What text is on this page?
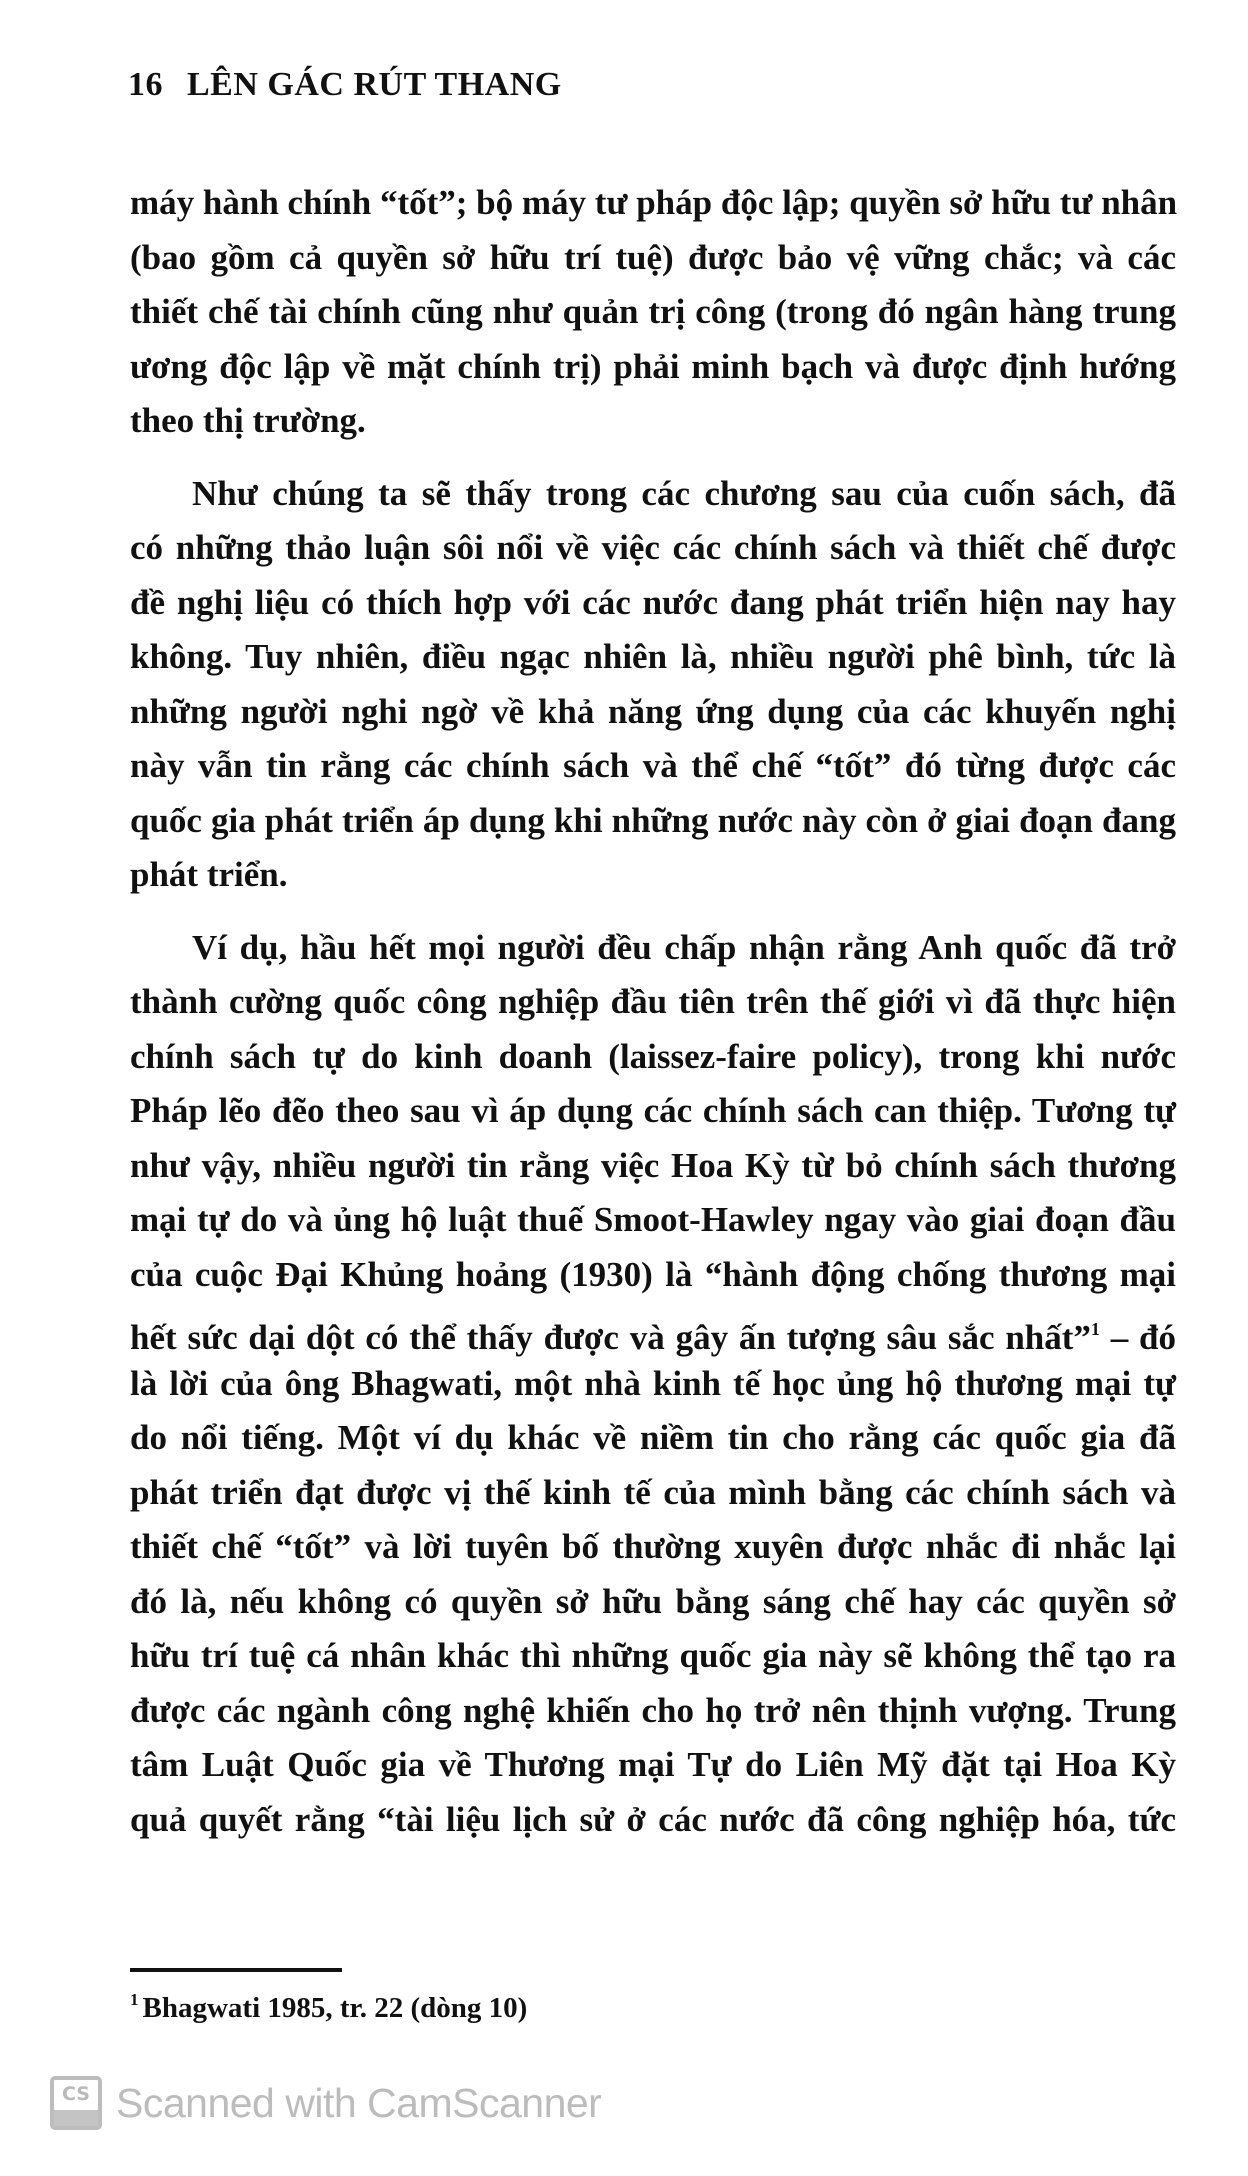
16 LÊN GÁC RÚT THANG
máy hành chính “tốt”; bộ máy tư pháp độc lập; quyền sở hữu tư nhân
(bao gồm cả quyền sở hữu trí tuệ) được bảo vệ vững chắc; và các
thiết chế tài chính cũng như quản trị công (trong đó ngân hàng trung
ương độc lập về mặt chính trị) phải minh bạch và được định hướng
theo thị trường.
Như chúng ta sẽ thấy trong các chương sau của cuốn sách, đã
có những thảo luận sôi nổi về việc các chính sách và thiết chế được
đề nghị liệu có thích hợp với các nước đang phát triển hiện nay hay
không. Tuy nhiên, điều ngạc nhiên là, nhiều người phê bình, tức là
những người nghi ngờ về khả năng ứng dụng của các khuyến nghị
này vẫn tin rằng các chính sách và thể chế “tốt” đó từng được các
quốc gia phát triển áp dụng khi những nước này còn ở giai đoạn đang
phát triển.
Ví dụ, hầu hết mọi người đều chấp nhận rằng Anh quốc đã trở
thành cường quốc công nghiệp đầu tiên trên thế giới vì đã thực hiện
chính sách tự do kinh doanh (laissez-faire policy), trong khi nước
Pháp lẽo đẽo theo sau vì áp dụng các chính sách can thiệp. Tương tự
như vậy, nhiều người tin rằng việc Hoa Kỳ từ bỏ chính sách thương
mại tự do và ủng hộ luật thuế Smoot-Hawley ngay vào giai đoạn đầu
của cuộc Đại Khủng hoảng (1930) là “hành động chống thương mại
hết sức dại dột có thể thấy được và gây ấn tượng sâu sắc nhất”$^1$ – đó
là lời của ông Bhagwati, một nhà kinh tế học ủng hộ thương mại tự
do nổi tiếng. Một ví dụ khác về niềm tin cho rằng các quốc gia đã
phát triển đạt được vị thế kinh tế của mình bằng các chính sách và
thiết chế “tốt” và lời tuyên bố thường xuyên được nhắc đi nhắc lại
đó là, nếu không có quyền sở hữu bằng sáng chế hay các quyền sở
hữu trí tuệ cá nhân khác thì những quốc gia này sẽ không thể tạo ra
được các ngành công nghệ khiến cho họ trở nên thịnh vượng. Trung
tâm Luật Quốc gia về Thương mại Tự do Liên Mỹ đặt tại Hoa Kỳ
quả quyết rằng “tài liệu lịch sử ở các nước đã công nghiệp hóa, tức
$^1$ Bhagwati 1985, tr. 22 (dòng 10)
CS Scanned with CamScanner
